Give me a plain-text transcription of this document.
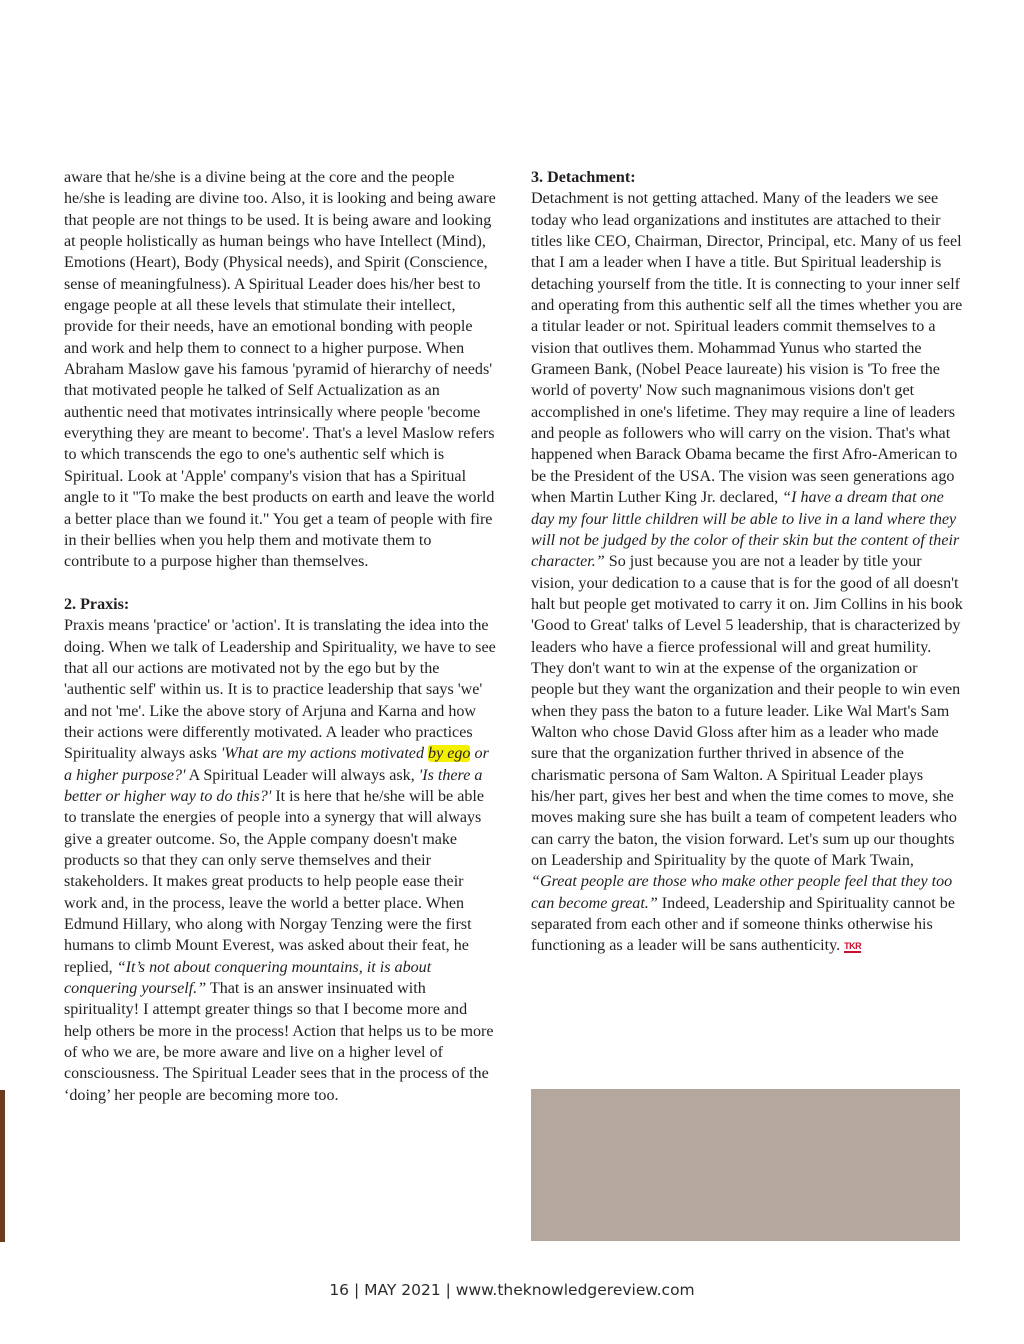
aware that he/she is a divine being at the core and the people he/she is leading are divine too. Also, it is looking and being aware that people are not things to be used. It is being aware and looking at people holistically as human beings who have Intellect (Mind), Emotions (Heart), Body (Physical needs), and Spirit (Conscience, sense of meaningfulness). A Spiritual Leader does his/her best to engage people at all these levels that stimulate their intellect, provide for their needs, have an emotional bonding with people and work and help them to connect to a higher purpose. When Abraham Maslow gave his famous 'pyramid of hierarchy of needs' that motivated people he talked of Self Actualization as an authentic need that motivates intrinsically where people 'become everything they are meant to become'. That's a level Maslow refers to which transcends the ego to one's authentic self which is Spiritual. Look at 'Apple' company's vision that has a Spiritual angle to it "To make the best products on earth and leave the world a better place than we found it." You get a team of people with fire in their bellies when you help them and motivate them to contribute to a purpose higher than themselves.

2. Praxis:

Praxis means 'practice' or 'action'. It is translating the idea into the doing. When we talk of Leadership and Spirituality, we have to see that all our actions are motivated not by the ego but by the 'authentic self' within us. It is to practice leadership that says 'we' and not 'me'. Like the above story of Arjuna and Karna and how their actions were differently motivated. A leader who practices Spirituality always asks 'What are my actions motivated by ego or a higher purpose?' A Spiritual Leader will always ask, 'Is there a better or higher way to do this?' It is here that he/she will be able to translate the energies of people into a synergy that will always give a greater outcome. So, the Apple company doesn't make products so that they can only serve themselves and their stakeholders. It makes great products to help people ease their work and, in the process, leave the world a better place. When Edmund Hillary, who along with Norgay Tenzing were the first humans to climb Mount Everest, was asked about their feat, he replied, “It’s not about conquering mountains, it is about conquering yourself.” That is an answer insinuated with spirituality! I attempt greater things so that I become more and help others be more in the process! Action that helps us to be more of who we are, be more aware and live on a higher level of consciousness. The Spiritual Leader sees that in the process of the ‘doing’ her people are becoming more too.

3. Detachment:

Detachment is not getting attached. Many of the leaders we see today who lead organizations and institutes are attached to their titles like CEO, Chairman, Director, Principal, etc. Many of us feel that I am a leader when I have a title. But Spiritual leadership is detaching yourself from the title. It is connecting to your inner self and operating from this authentic self all the times whether you are a titular leader or not. Spiritual leaders commit themselves to a vision that outlives them. Mohammad Yunus who started the Grameen Bank, (Nobel Peace laureate) his vision is 'To free the world of poverty' Now such magnanimous visions don't get accomplished in one's lifetime. They may require a line of leaders and people as followers who will carry on the vision. That's what happened when Barack Obama became the first Afro-American to be the President of the USA. The vision was seen generations ago when Martin Luther King Jr. declared, “I have a dream that one day my four little children will be able to live in a land where they will not be judged by the color of their skin but the content of their character.” So just because you are not a leader by title your vision, your dedication to a cause that is for the good of all doesn't halt but people get motivated to carry it on. Jim Collins in his book 'Good to Great' talks of Level 5 leadership, that is characterized by leaders who have a fierce professional will and great humility. They don't want to win at the expense of the organization or people but they want the organization and their people to win even when they pass the baton to a future leader. Like Wal Mart's Sam Walton who chose David Gloss after him as a leader who made sure that the organization further thrived in absence of the charismatic persona of Sam Walton. A Spiritual Leader plays his/her part, gives her best and when the time comes to move, she moves making sure she has built a team of competent leaders who can carry the baton, the vision forward. Let's sum up our thoughts on Leadership and Spirituality by the quote of Mark Twain, “Great people are those who make other people feel that they too can become great.” Indeed, Leadership and Spirituality cannot be separated from each other and if someone thinks otherwise his functioning as a leader will be sans authenticity. TKR

16 | MAY 2021 | www.theknowledgereview.com
